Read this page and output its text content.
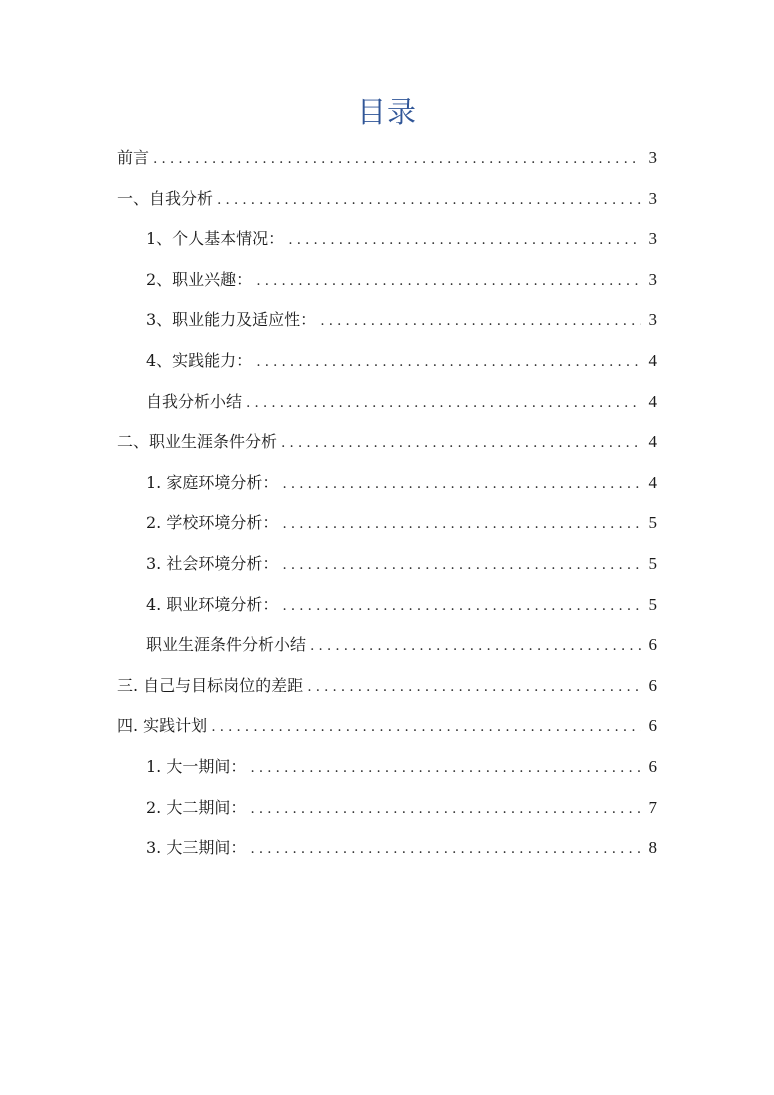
目录
前言 . . .	3
一、自我分析 . . .	3
1、个人基本情况： . . .	3
2、职业兴趣： . . .	3
3、职业能力及适应性： . . .	3
4、实践能力： . . .	4
自我分析小结 . . .	4
二、职业生涯条件分析 . . .	4
1. 家庭环境分析： . . .	4
2. 学校环境分析： . . .	5
3. 社会环境分析： . . .	5
4. 职业环境分析： . . .	5
职业生涯条件分析小结 . . .	6
三. 自己与目标岗位的差距 . . .	6
四. 实践计划 . . .	6
1. 大一期间： . . .	6
2. 大二期间： . . .	7
3. 大三期间： . . .	8
